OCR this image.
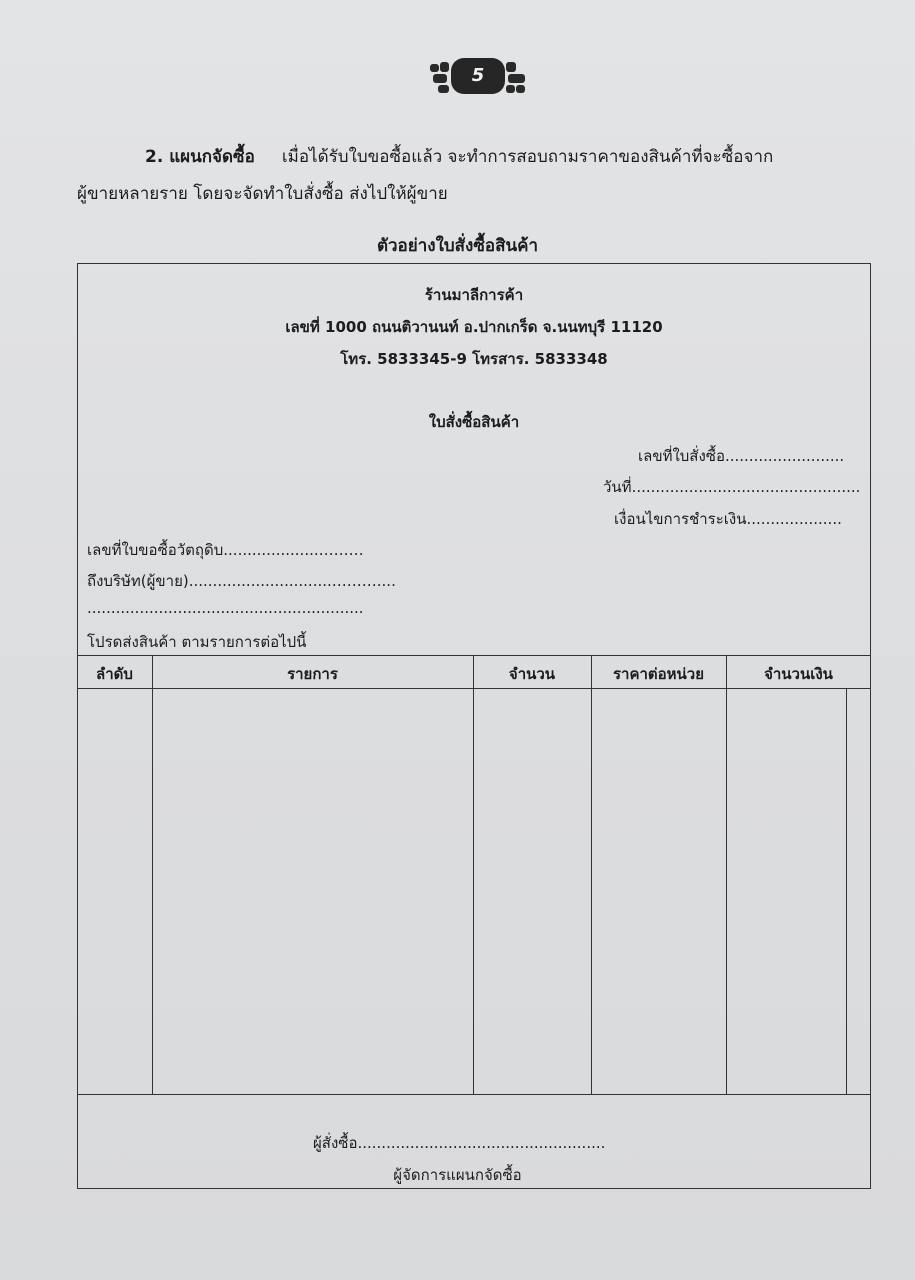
5
2. แผนกจัดซื้อ เมื่อได้รับใบขอซื้อแล้ว จะทำการสอบถามราคาของสินค้าที่จะซื้อจาก
ผู้ขายหลายราย โดยจะจัดทำใบสั่งซื้อ ส่งไปให้ผู้ขาย
ตัวอย่างใบสั่งซื้อสินค้า
ร้านมาลีการค้า
เลขที่ 1000 ถนนติวานนท์ อ.ปากเกร็ด จ.นนทบุรี 11120
โทร. 5833345-9 โทรสาร. 5833348
ใบสั่งซื้อสินค้า
เลขที่ใบสั่งซื้อ.........................
วันที่................................................
เงื่อนไขการชำระเงิน....................
เลขที่ใบขอซื้อวัตถุดิบ....................………
ถึงบริษัท(ผู้ขาย)..............................………....
..........................................................
โปรดส่งสินค้า ตามรายการต่อไปนี้
ลำดับ	รายการ	จำนวน	ราคาต่อหน่วย	จำนวนเงิน
ผู้สั่งซื้อ....................................................
ผู้จัดการแผนกจัดซื้อ
